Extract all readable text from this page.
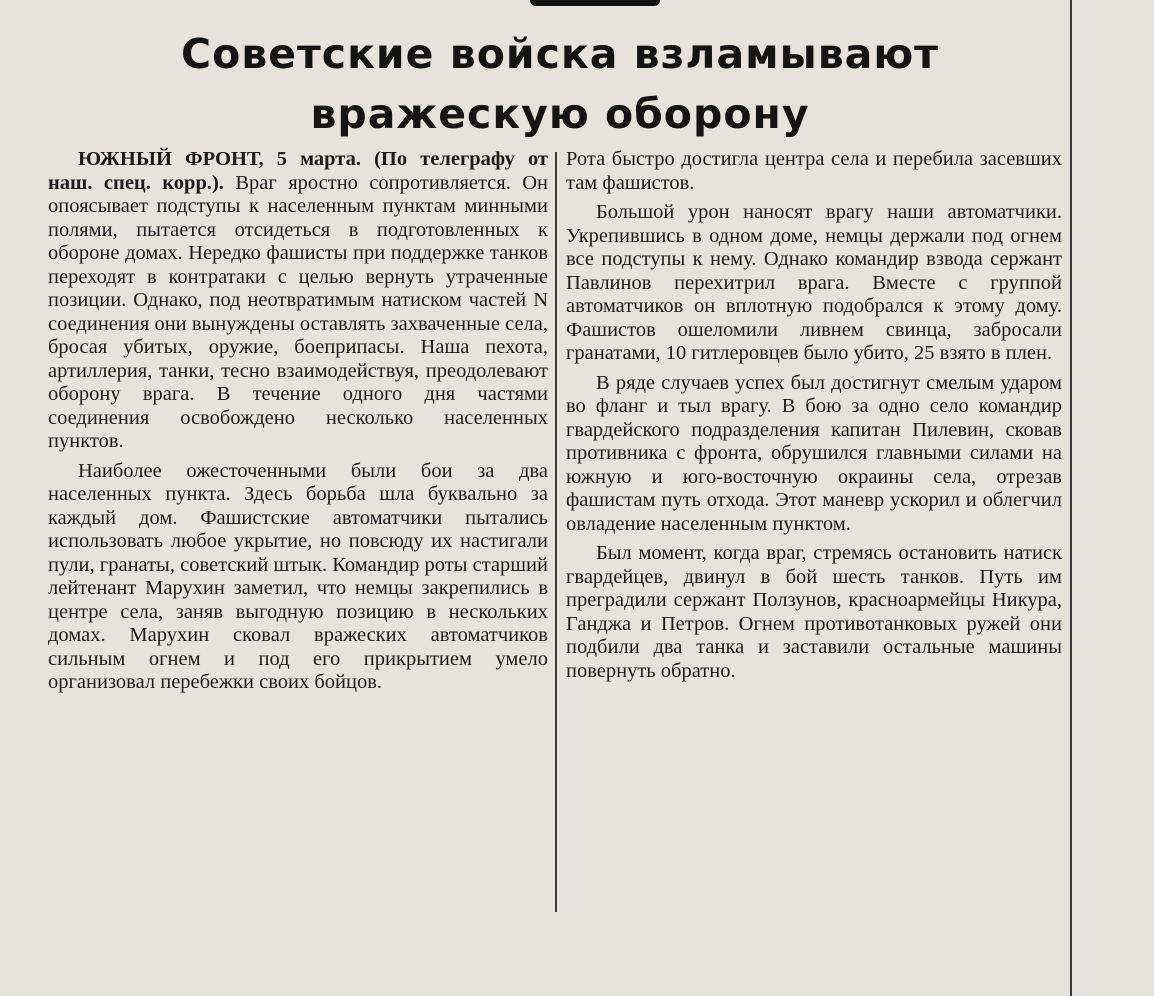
Советские войска взламывают
вражескую оборону

ЮЖНЫЙ ФРОНТ, 5 марта. (По телеграфу от наш. спец. корр.). Враг яростно сопротивляется. Он опоясывает подступы к населенным пунктам минными полями, пытается отсидеться в подготовленных к обороне домах. Нередко фашисты при поддержке танков переходят в контратаки с целью вернуть утраченные позиции. Однако, под неотвратимым натиском частей N соединения они вынуждены оставлять захваченные села, бросая убитых, оружие, боеприпасы. Наша пехота, артиллерия, танки, тесно взаимодействуя, преодолевают оборону врага. В течение одного дня частями соединения освобождено несколько населенных пунктов.

Наиболее ожесточенными были бои за два населенных пункта. Здесь борьба шла буквально за каждый дом. Фашистские автоматчики пытались использовать любое укрытие, но повсюду их настигали пули, гранаты, советский штык. Командир роты старший лейтенант Марухин заметил, что немцы закрепились в центре села, заняв выгодную позицию в нескольких домах. Марухин сковал вражеских автоматчиков сильным огнем и под его прикрытием умело организовал перебежки своих бойцов.

Рота быстро достигла центра села и перебила засевших там фашистов.

Большой урон наносят врагу наши автоматчики. Укрепившись в одном доме, немцы держали под огнем все подступы к нему. Однако командир взвода сержант Павлинов перехитрил врага. Вместе с группой автоматчиков он вплотную подобрался к этому дому. Фашистов ошеломили ливнем свинца, забросали гранатами, 10 гитлеровцев было убито, 25 взято в плен.

В ряде случаев успех был достигнут смелым ударом во фланг и тыл врагу. В бою за одно село командир гвардейского подразделения капитан Пилевин, сковав противника с фронта, обрушился главными силами на южную и юго-восточную окраины села, отрезав фашистам путь отхода. Этот маневр ускорил и облегчил овладение населенным пунктом.

Был момент, когда враг, стремясь остановить натиск гвардейцев, двинул в бой шесть танков. Путь им преградили сержант Ползунов, красноармейцы Никура, Ганджа и Петров. Огнем противотанковых ружей они подбили два танка и заставили остальные машины повернуть обратно.
